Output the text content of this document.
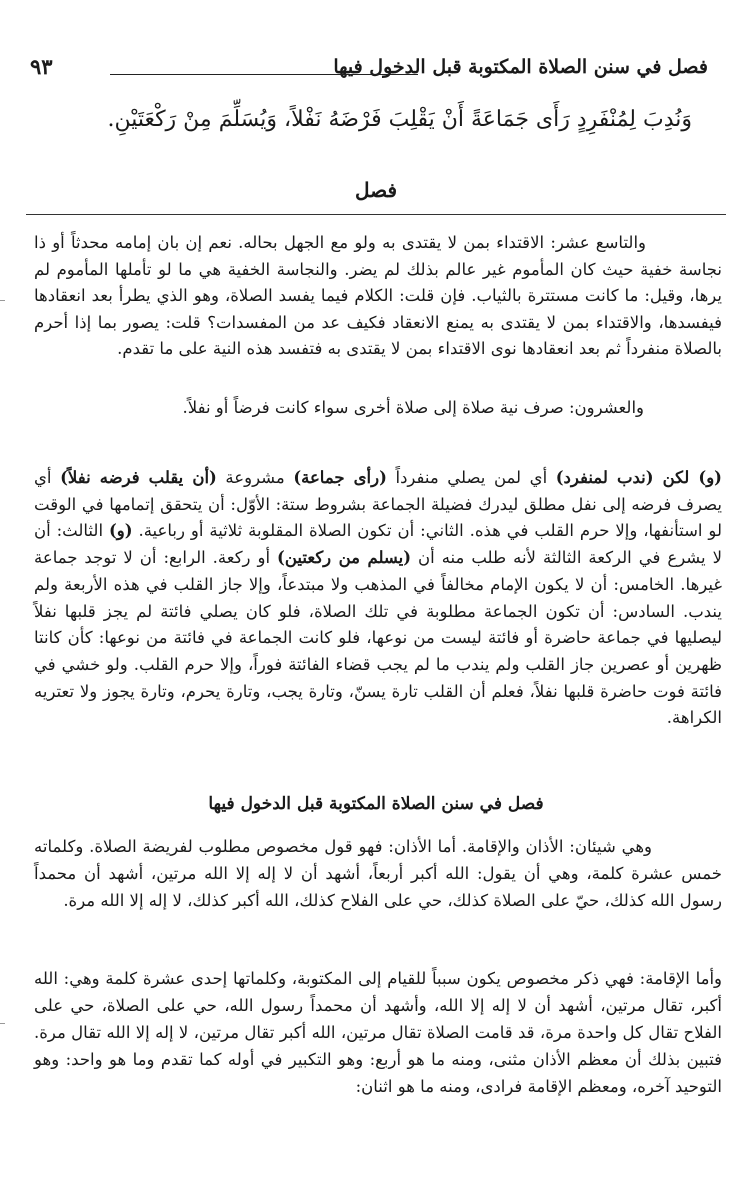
فصل في سنن الصلاة المكتوبة قبل الدخول فيها
٩٣
وَنُدِبَ لِمُنْفَرِدٍ رَأَى جَمَاعَةً أَنْ يَقْلِبَ فَرْضَهُ نَفْلاً، وَيُسَلِّمَ مِنْ رَكْعَتَيْنِ.
فصل

والتاسع عشر: الاقتداء بمن لا يقتدى به ولو مع الجهل بحاله. نعم إن بان إمامه محدثاً أو ذا نجاسة خفية حيث كان المأموم غير عالم بذلك لم يضر. والنجاسة الخفية هي ما لو تأملها المأموم لم يرها، وقيل: ما كانت مستترة بالثياب. فإن قلت: الكلام فيما يفسد الصلاة، وهو الذي يطرأ بعد انعقادها فيفسدها، والاقتداء بمن لا يقتدى به يمنع الانعقاد فكيف عد من المفسدات؟ قلت: يصور بما إذا أحرم بالصلاة منفرداً ثم بعد انعقادها نوى الاقتداء بمن لا يقتدى به فتفسد هذه النية على ما تقدم.

والعشرون: صرف نية صلاة إلى صلاة أخرى سواء كانت فرضاً أو نفلاً.

(و) لكن (ندب لمنفرد) أي لمن يصلي منفرداً (رأى جماعة) مشروعة (أن يقلب فرضه نفلاً) أي يصرف فرضه إلى نفل مطلق ليدرك فضيلة الجماعة بشروط ستة: الأوّل: أن يتحقق إتمامها في الوقت لو استأنفها، وإلا حرم القلب في هذه. الثاني: أن تكون الصلاة المقلوبة ثلاثية أو رباعية. (و) الثالث: أن لا يشرع في الركعة الثالثة لأنه طلب منه أن (يسلم من ركعتين) أو ركعة. الرابع: أن لا توجد جماعة غيرها. الخامس: أن لا يكون الإمام مخالفاً في المذهب ولا مبتدعاً، وإلا جاز القلب في هذه الأربعة ولم يندب. السادس: أن تكون الجماعة مطلوبة في تلك الصلاة، فلو كان يصلي فائتة لم يجز قلبها نفلاً ليصليها في جماعة حاضرة أو فائتة ليست من نوعها، فلو كانت الجماعة في فائتة من نوعها: كأن كانتا ظهرين أو عصرين جاز القلب ولم يندب ما لم يجب قضاء الفائتة فوراً، وإلا حرم القلب. ولو خشي في فائتة فوت حاضرة قلبها نفلاً، فعلم أن القلب تارة يسنّ، وتارة يجب، وتارة يحرم، وتارة يجوز ولا تعتريه الكراهة.

فصل في سنن الصلاة المكتوبة قبل الدخول فيها

وهي شيئان: الأذان والإقامة. أما الأذان: فهو قول مخصوص مطلوب لفريضة الصلاة. وكلماته خمس عشرة كلمة، وهي أن يقول: الله أكبر أربعاً، أشهد أن لا إله إلا الله مرتين، أشهد أن محمداً رسول الله كذلك، حيّ على الصلاة كذلك، حي على الفلاح كذلك، الله أكبر كذلك، لا إله إلا الله مرة.

وأما الإقامة: فهي ذكر مخصوص يكون سبباً للقيام إلى المكتوبة، وكلماتها إحدى عشرة كلمة وهي: الله أكبر، تقال مرتين، أشهد أن لا إله إلا الله، وأشهد أن محمداً رسول الله، حي على الصلاة، حي على الفلاح تقال كل واحدة مرة، قد قامت الصلاة تقال مرتين، الله أكبر تقال مرتين، لا إله إلا الله تقال مرة. فتبين بذلك أن معظم الأذان مثنى، ومنه ما هو أربع: وهو التكبير في أوله كما تقدم وما هو واحد: وهو التوحيد آخره، ومعظم الإقامة فرادى، ومنه ما هو اثنان:
